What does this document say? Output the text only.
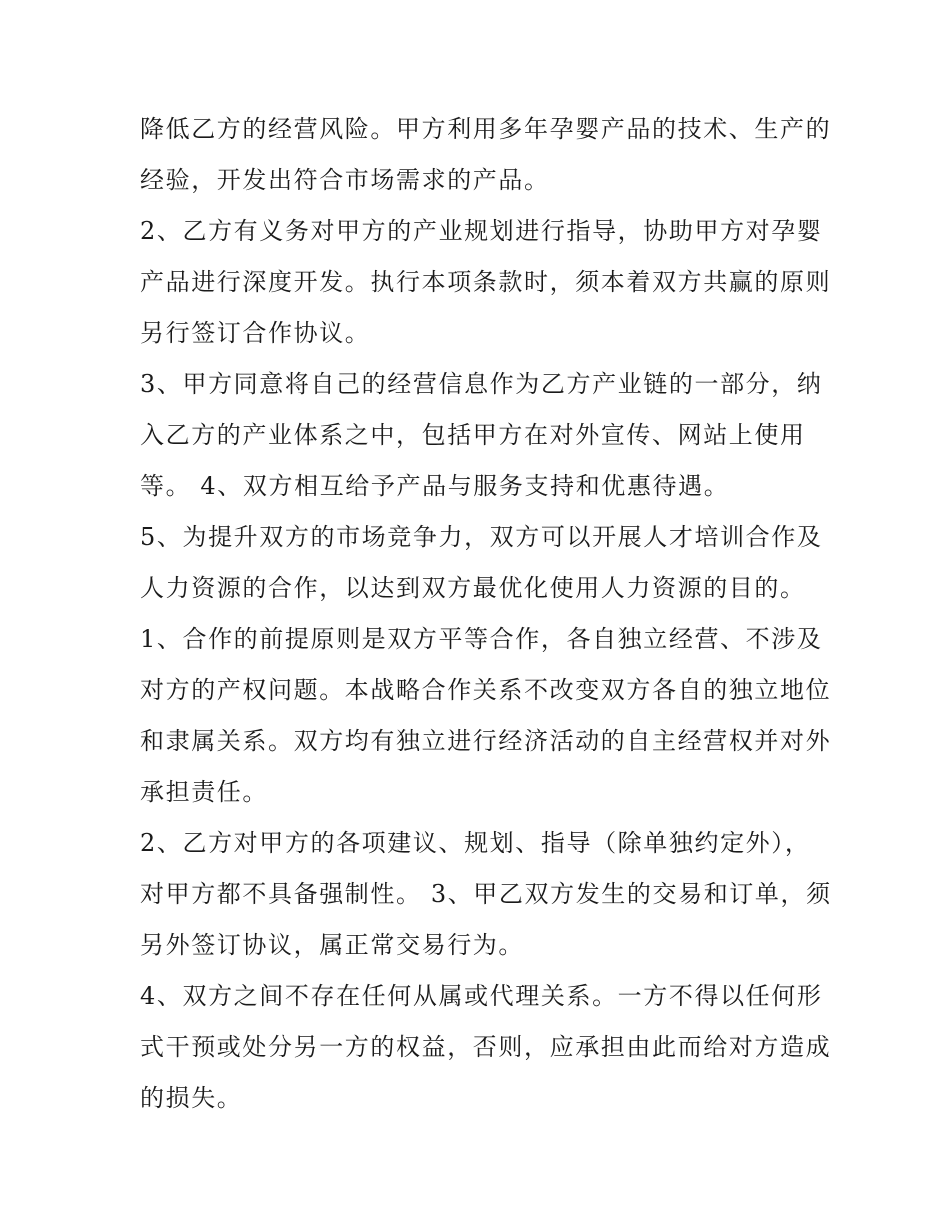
降低乙方的经营风险。甲方利用多年孕婴产品的技术、生产的
经验，开发出符合市场需求的产品。
2、乙方有义务对甲方的产业规划进行指导，协助甲方对孕婴
产品进行深度开发。执行本项条款时，须本着双方共赢的原则
另行签订合作协议。
3、甲方同意将自己的经营信息作为乙方产业链的一部分，纳
入乙方的产业体系之中，包括甲方在对外宣传、网站上使用
等。 4、双方相互给予产品与服务支持和优惠待遇。
5、为提升双方的市场竞争力，双方可以开展人才培训合作及
人力资源的合作，以达到双方最优化使用人力资源的目的。
1、合作的前提原则是双方平等合作，各自独立经营、不涉及
对方的产权问题。本战略合作关系不改变双方各自的独立地位
和隶属关系。双方均有独立进行经济活动的自主经营权并对外
承担责任。
2、乙方对甲方的各项建议、规划、指导（除单独约定外），
对甲方都不具备强制性。 3、甲乙双方发生的交易和订单，须
另外签订协议，属正常交易行为。
4、双方之间不存在任何从属或代理关系。一方不得以任何形
式干预或处分另一方的权益，否则，应承担由此而给对方造成
的损失。
